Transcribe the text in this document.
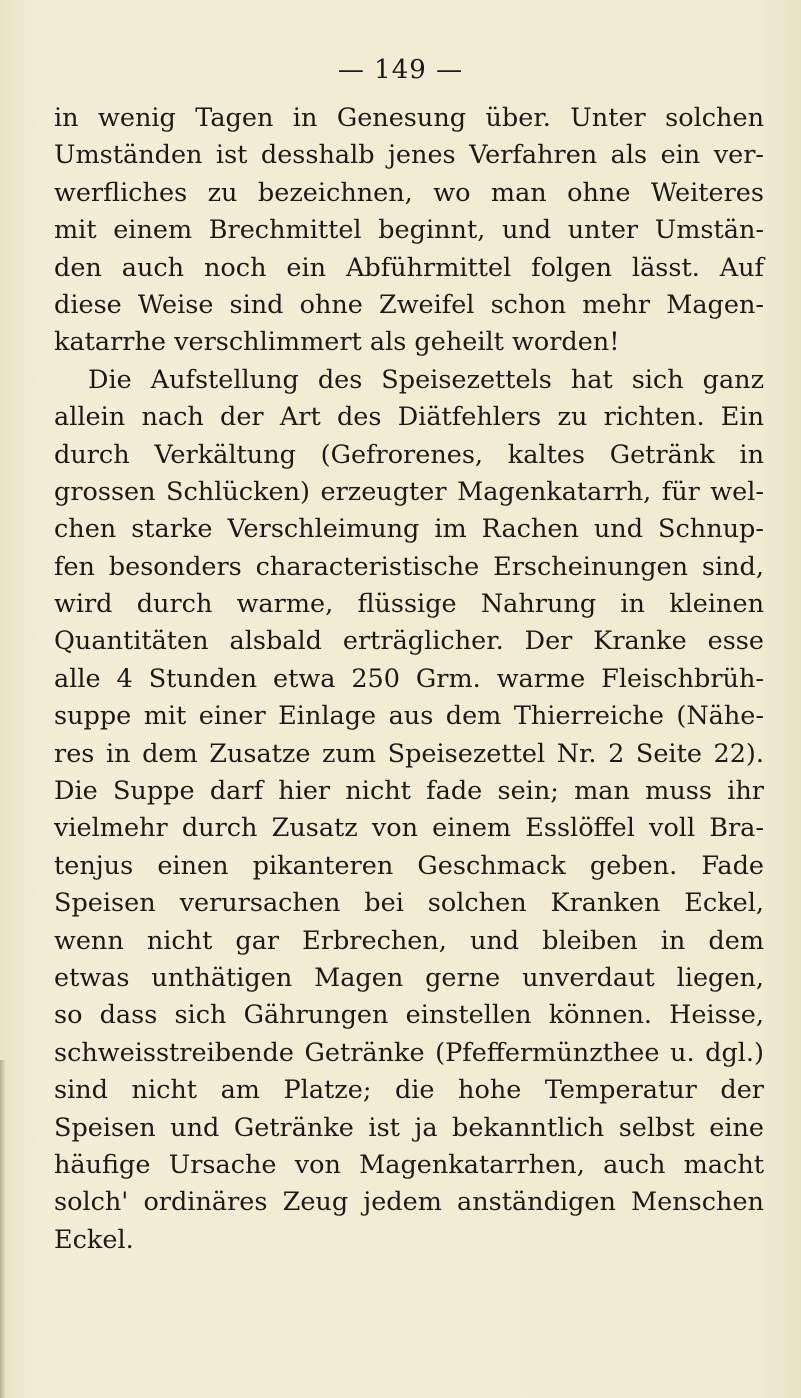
— 149 —
in wenig Tagen in Genesung über. Unter solchen
Umständen ist desshalb jenes Verfahren als ein ver-
werfliches zu bezeichnen, wo man ohne Weiteres
mit einem Brechmittel beginnt, und unter Umstän-
den auch noch ein Abführmittel folgen lässt. Auf
diese Weise sind ohne Zweifel schon mehr Magen-
katarrhe verschlimmert als geheilt worden!
Die Aufstellung des Speisezettels hat sich ganz
allein nach der Art des Diätfehlers zu richten. Ein
durch Verkältung (Gefrorenes, kaltes Getränk in
grossen Schlücken) erzeugter Magenkatarrh, für wel-
chen starke Verschleimung im Rachen und Schnup-
fen besonders characteristische Erscheinungen sind,
wird durch warme, flüssige Nahrung in kleinen
Quantitäten alsbald erträglicher. Der Kranke esse
alle 4 Stunden etwa 250 Grm. warme Fleischbrüh-
suppe mit einer Einlage aus dem Thierreiche (Nähe-
res in dem Zusatze zum Speisezettel Nr. 2 Seite 22).
Die Suppe darf hier nicht fade sein; man muss ihr
vielmehr durch Zusatz von einem Esslöffel voll Bra-
tenjus einen pikanteren Geschmack geben. Fade
Speisen verursachen bei solchen Kranken Eckel,
wenn nicht gar Erbrechen, und bleiben in dem
etwas unthätigen Magen gerne unverdaut liegen,
so dass sich Gährungen einstellen können. Heisse,
schweisstreibende Getränke (Pfeffermünzthee u. dgl.)
sind nicht am Platze; die hohe Temperatur der
Speisen und Getränke ist ja bekanntlich selbst eine
häufige Ursache von Magenkatarrhen, auch macht
solch' ordinäres Zeug jedem anständigen Menschen
Eckel.
